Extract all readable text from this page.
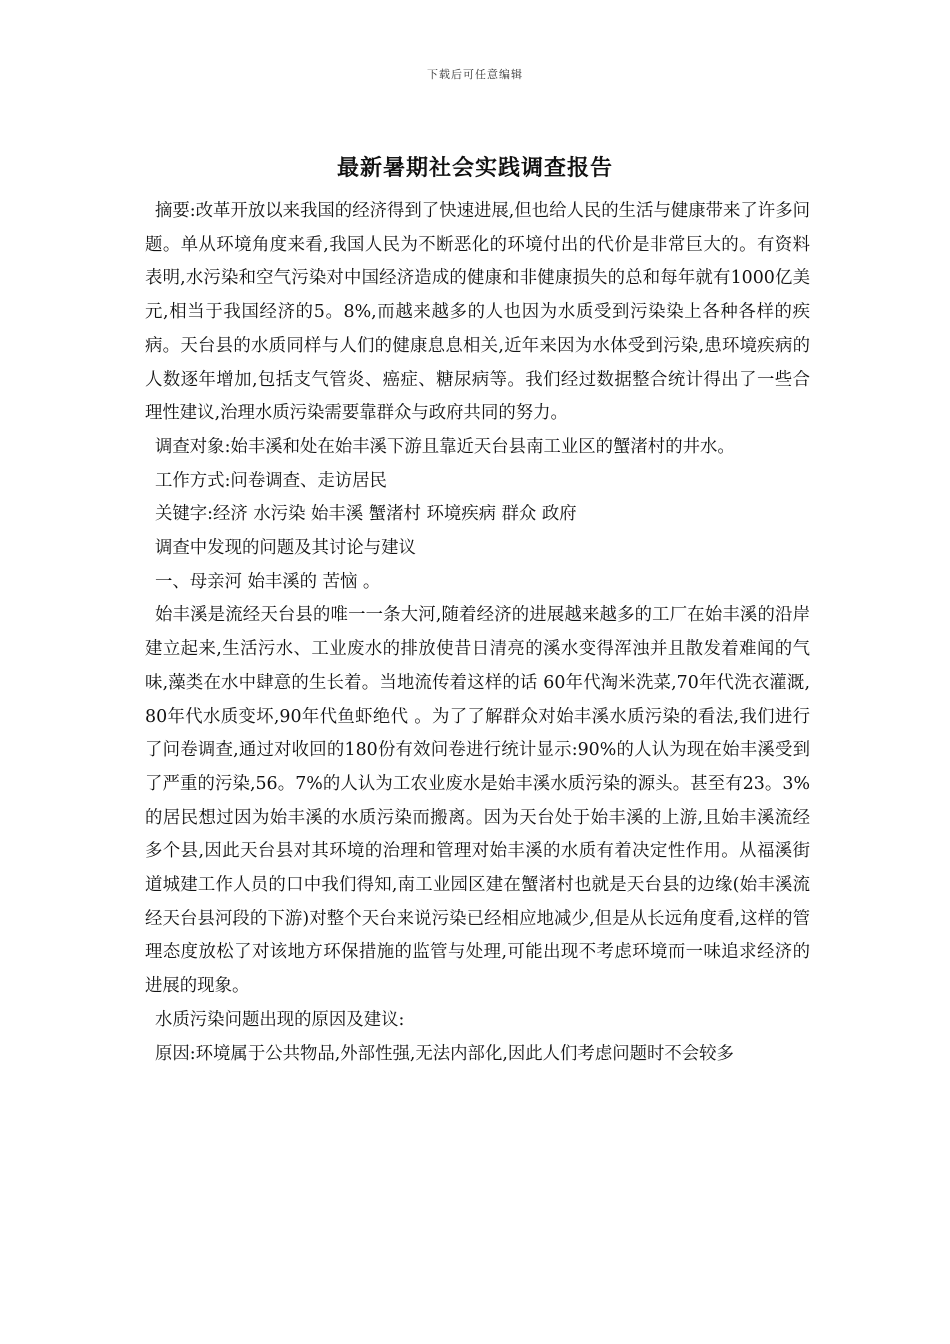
下载后可任意编辑
最新暑期社会实践调查报告

摘要:改革开放以来我国的经济得到了快速进展,但也给人民的生活与健康带来了许多问题。单从环境角度来看,我国人民为不断恶化的环境付出的代价是非常巨大的。有资料表明,水污染和空气污染对中国经济造成的健康和非健康损失的总和每年就有1000亿美元,相当于我国经济的5。8%,而越来越多的人也因为水质受到污染染上各种各样的疾病。天台县的水质同样与人们的健康息息相关,近年来因为水体受到污染,患环境疾病的人数逐年增加,包括支气管炎、癌症、糖尿病等。我们经过数据整合统计得出了一些合理性建议,治理水质污染需要靠群众与政府共同的努力。

调查对象:始丰溪和处在始丰溪下游且靠近天台县南工业区的蟹渚村的井水。

工作方式:问卷调查、走访居民

关键字:经济 水污染 始丰溪 蟹渚村 环境疾病 群众 政府

调查中发现的问题及其讨论与建议

一、母亲河 始丰溪的 苦恼 。

始丰溪是流经天台县的唯一一条大河,随着经济的进展越来越多的工厂在始丰溪的沿岸建立起来,生活污水、工业废水的排放使昔日清亮的溪水变得浑浊并且散发着难闻的气味,藻类在水中肆意的生长着。当地流传着这样的话 60年代淘米洗菜,70年代洗衣灌溉,80年代水质变坏,90年代鱼虾绝代 。为了了解群众对始丰溪水质污染的看法,我们进行了问卷调查,通过对收回的180份有效问卷进行统计显示:90%的人认为现在始丰溪受到了严重的污染,56。7%的人认为工农业废水是始丰溪水质污染的源头。甚至有23。3%的居民想过因为始丰溪的水质污染而搬离。因为天台处于始丰溪的上游,且始丰溪流经多个县,因此天台县对其环境的治理和管理对始丰溪的水质有着决定性作用。从福溪街道城建工作人员的口中我们得知,南工业园区建在蟹渚村也就是天台县的边缘(始丰溪流经天台县河段的下游)对整个天台来说污染已经相应地减少,但是从长远角度看,这样的管理态度放松了对该地方环保措施的监管与处理,可能出现不考虑环境而一味追求经济的进展的现象。

水质污染问题出现的原因及建议:

原因:环境属于公共物品,外部性强,无法内部化,因此人们考虑问题时不会较多
